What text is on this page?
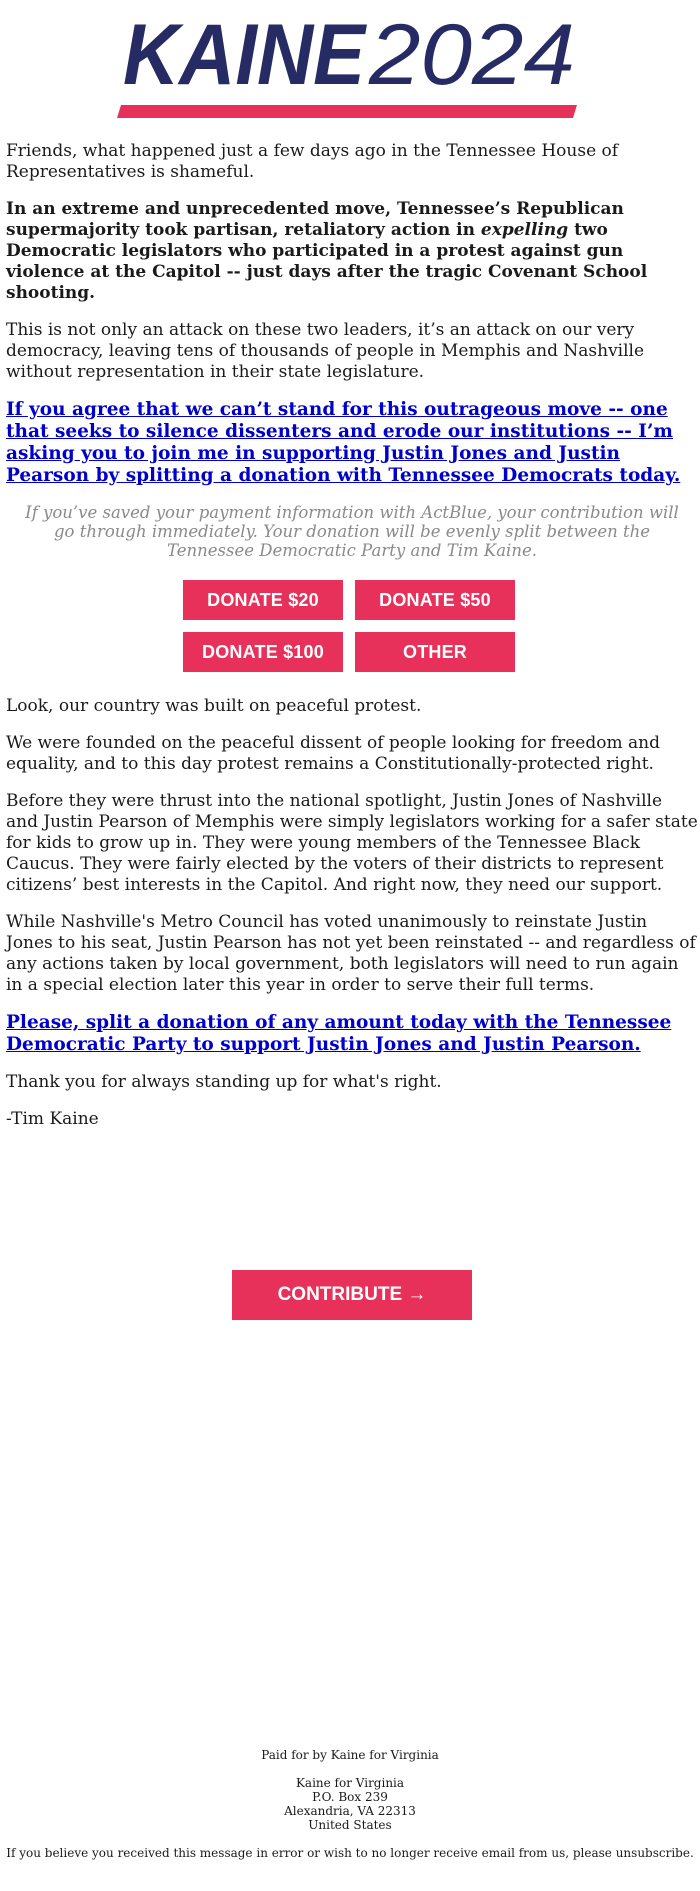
KAINE 2024

Friends, what happened just a few days ago in the Tennessee House of Representatives is shameful.

In an extreme and unprecedented move, Tennessee’s Republican supermajority took partisan, retaliatory action in expelling two Democratic legislators who participated in a protest against gun violence at the Capitol -- just days after the tragic Covenant School shooting.

This is not only an attack on these two leaders, it’s an attack on our very democracy, leaving tens of thousands of people in Memphis and Nashville without representation in their state legislature.

If you agree that we can’t stand for this outrageous move -- one that seeks to silence dissenters and erode our institutions -- I’m asking you to join me in supporting Justin Jones and Justin Pearson by splitting a donation with Tennessee Democrats today.

If you’ve saved your payment information with ActBlue, your contribution will go through immediately. Your donation will be evenly split between the Tennessee Democratic Party and Tim Kaine.

DONATE $20	DONATE $50
DONATE $100	OTHER

Look, our country was built on peaceful protest.

We were founded on the peaceful dissent of people looking for freedom and equality, and to this day protest remains a Constitutionally-protected right.

Before they were thrust into the national spotlight, Justin Jones of Nashville and Justin Pearson of Memphis were simply legislators working for a safer state for kids to grow up in. They were young members of the Tennessee Black Caucus. They were fairly elected by the voters of their districts to represent citizens’ best interests in the Capitol. And right now, they need our support.

While Nashville's Metro Council has voted unanimously to reinstate Justin Jones to his seat, Justin Pearson has not yet been reinstated -- and regardless of any actions taken by local government, both legislators will need to run again in a special election later this year in order to serve their full terms.

Please, split a donation of any amount today with the Tennessee Democratic Party to support Justin Jones and Justin Pearson.

Thank you for always standing up for what's right.

-Tim Kaine

CONTRIBUTE →
Paid for by Kaine for Virginia
Kaine for Virginia
P.O. Box 239
Alexandria, VA 22313
United States
If you believe you received this message in error or wish to no longer receive email from us, please unsubscribe.
